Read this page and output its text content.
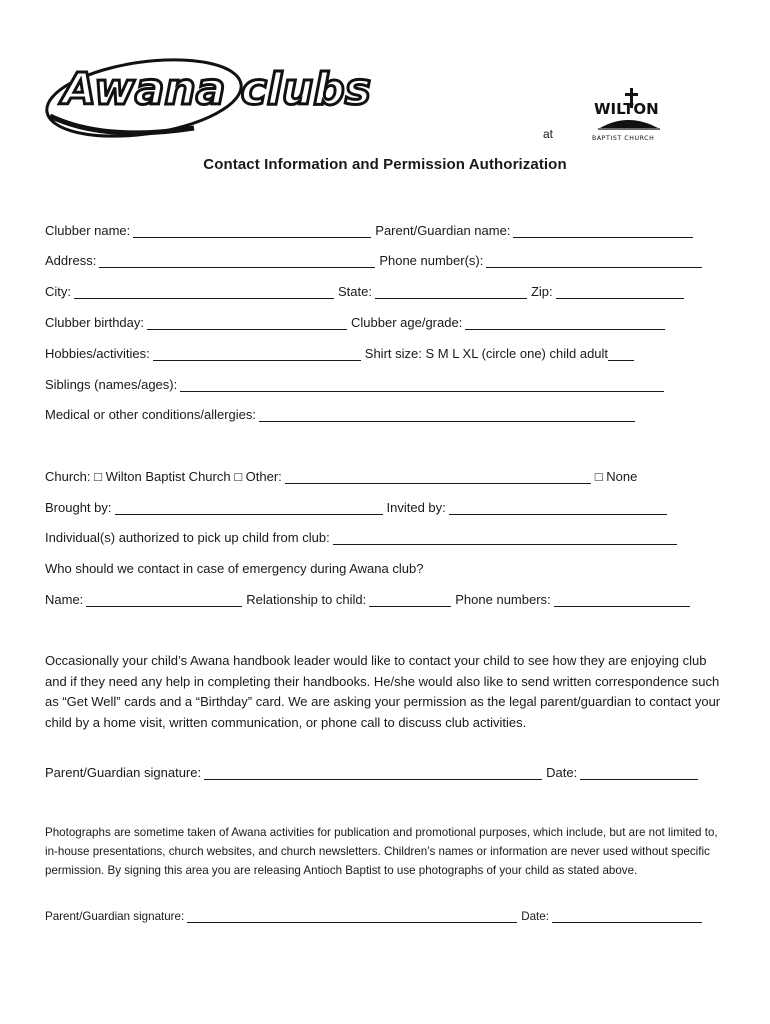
Awana clubs
at
WILTON
BAPTIST CHURCH
Contact Information and Permission Authorization
Clubber name:	Parent/Guardian name:
Address:	Phone number(s):
City:	State:	Zip:
Clubber birthday:	Clubber age/grade:
Hobbies/activities:	Shirt size: S M L XL (circle one) child adult
Siblings (names/ages):
Medical or other conditions/allergies:
Church: □ Wilton Baptist Church □ Other:	□ None
Brought by:	Invited by:
Individual(s) authorized to pick up child from club:
Who should we contact in case of emergency during Awana club?
Name:	Relationship to child:	Phone numbers:
Occasionally your child’s Awana handbook leader would like to contact your child to see how they are enjoying club and if they need any help in completing their handbooks. He/she would also like to send written correspondence such as “Get Well” cards and a “Birthday” card. We are asking your permission as the legal parent/guardian to contact your child by a home visit, written communication, or phone call to discuss club activities.
Parent/Guardian signature:	Date:
Photographs are sometime taken of Awana activities for publication and promotional purposes, which include, but are not limited to, in-house presentations, church websites, and church newsletters. Children’s names or information are never used without specific permission. By signing this area you are releasing Antioch Baptist to use photographs of your child as stated above.
Parent/Guardian signature:	Date:
